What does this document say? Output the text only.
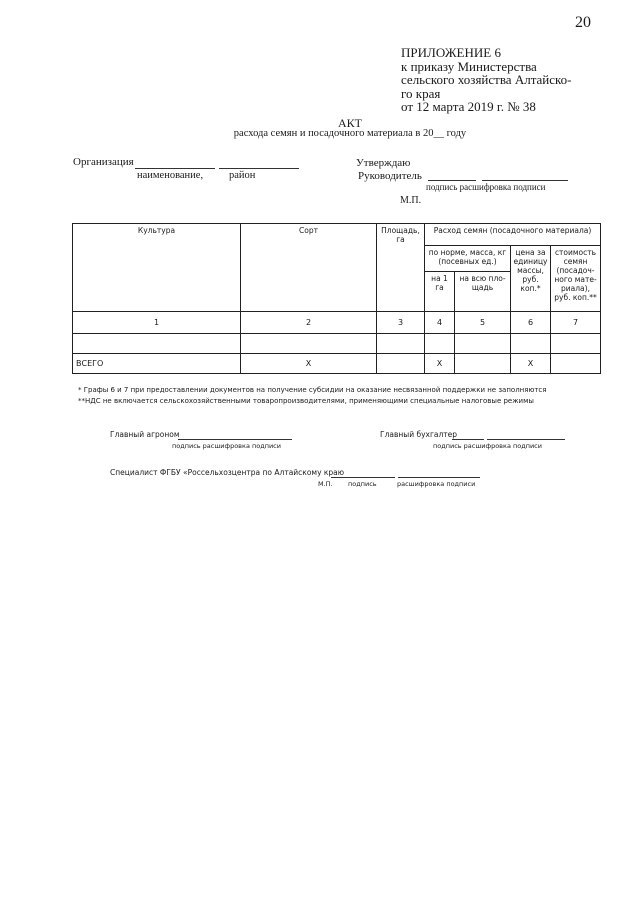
20
ПРИЛОЖЕНИЕ 6
к приказу Министерства
сельского хозяйства Алтайско-
го края
от 12 марта 2019 г. № 38
АКТ
расхода семян и посадочного материала в 20__ году
Организация
наименование, район
Утверждаю
Руководитель
подпись расшифровка подписи
М.П.
Культура	Сорт	Площадь, га	Расход семян (посадочного материала)			
			по норме, масса, кг (посевных ед.)		цена за единицу массы, руб. коп.*	стоимость семян (посадоч-ного мате-риала), руб. коп.**
			на 1 га	на всю пло-щадь		
1	2	3	4	5	6	7

ВСЕГО	Х		Х		Х	
* Графы 6 и 7 при предоставлении документов на получение субсидии на оказание несвязанной поддержки не заполняются
**НДС не включается сельскохозяйственными товаропроизводителями, применяющими специальные налоговые режимы
Главный агроном
подпись расшифровка подписи
Главный бухгалтер
подпись расшифровка подписи
Специалист ФГБУ «Россельхозцентра по Алтайскому краю
М.П. подпись	расшифровка подписи
